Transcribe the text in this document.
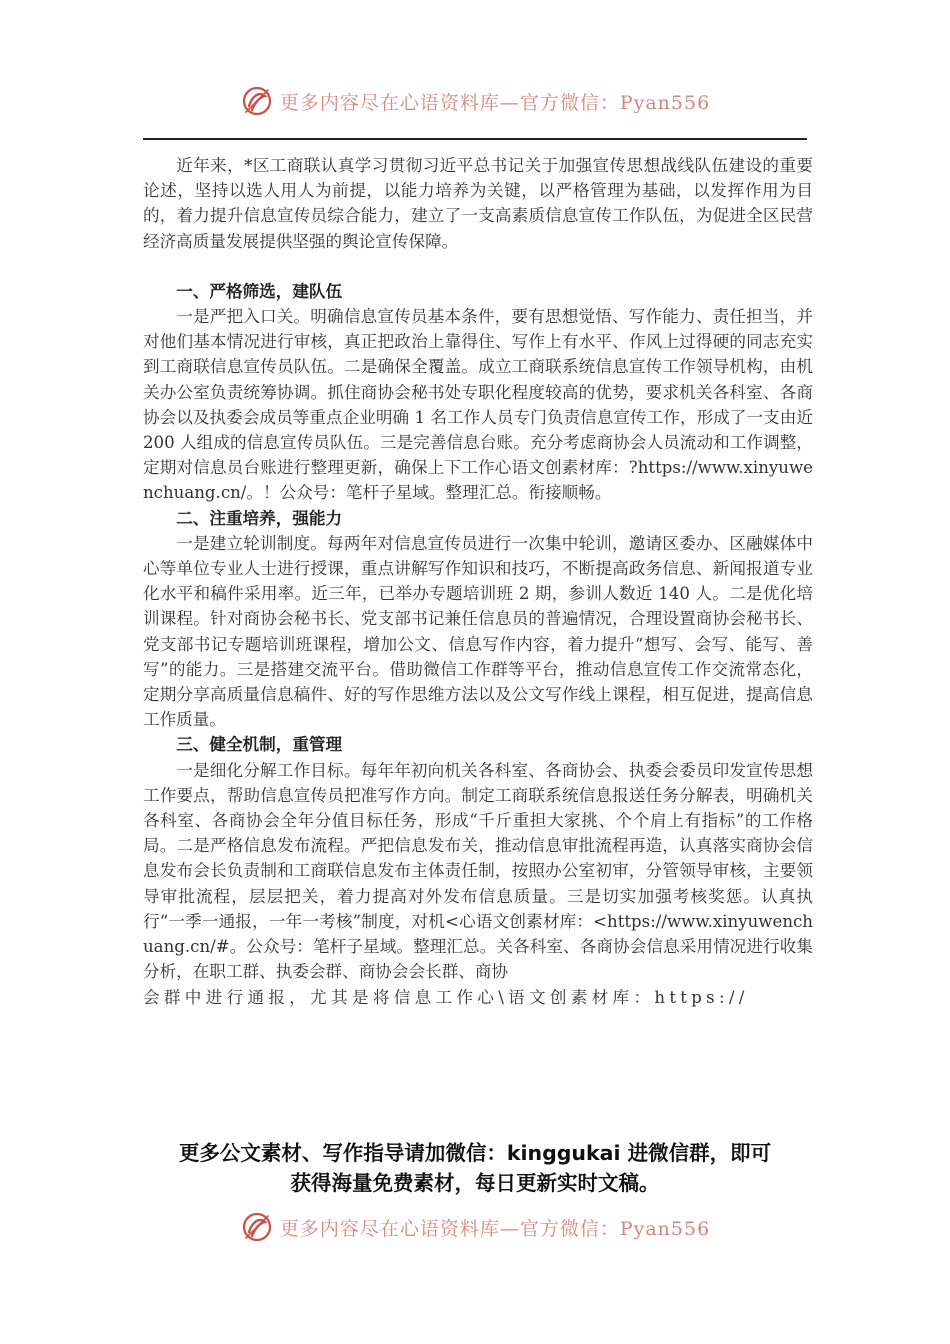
更多内容尽在心语资料库—官方微信：Pyan556

近年来，*区工商联认真学习贯彻习近平总书记关于加强宣传思想战线队伍建设的重要论述，坚持以选人用人为前提，以能力培养为关键，以严格管理为基础，以发挥作用为目的，着力提升信息宣传员综合能力，建立了一支高素质信息宣传工作队伍，为促进全区民营经济高质量发展提供坚强的舆论宣传保障。

一、严格筛选，建队伍

一是严把入口关。明确信息宣传员基本条件，要有思想觉悟、写作能力、责任担当，并对他们基本情况进行审核，真正把政治上靠得住、写作上有水平、作风上过得硬的同志充实到工商联信息宣传员队伍。二是确保全覆盖。成立工商联系统信息宣传工作领导机构，由机关办公室负责统筹协调。抓住商协会秘书处专职化程度较高的优势，要求机关各科室、各商协会以及执委会成员等重点企业明确 1 名工作人员专门负责信息宣传工作，形成了一支由近 200 人组成的信息宣传员队伍。三是完善信息台账。充分考虑商协会人员流动和工作调整，定期对信息员台账进行整理更新，确保上下工作心语文创素材库：?https://www.xinyuwenchuang.cn/。！公众号：笔杆子星域。整理汇总。衔接顺畅。

二、注重培养，强能力

一是建立轮训制度。每两年对信息宣传员进行一次集中轮训，邀请区委办、区融媒体中心等单位专业人士进行授课，重点讲解写作知识和技巧，不断提高政务信息、新闻报道专业化水平和稿件采用率。近三年，已举办专题培训班 2 期，参训人数近 140 人。二是优化培训课程。针对商协会秘书长、党支部书记兼任信息员的普遍情况，合理设置商协会秘书长、党支部书记专题培训班课程，增加公文、信息写作内容，着力提升“想写、会写、能写、善写”的能力。三是搭建交流平台。借助微信工作群等平台，推动信息宣传工作交流常态化，定期分享高质量信息稿件、好的写作思维方法以及公文写作线上课程，相互促进，提高信息工作质量。

三、健全机制，重管理

一是细化分解工作目标。每年年初向机关各科室、各商协会、执委会委员印发宣传思想工作要点，帮助信息宣传员把准写作方向。制定工商联系统信息报送任务分解表，明确机关各科室、各商协会全年分值目标任务，形成“千斤重担大家挑、个个肩上有指标”的工作格局。二是严格信息发布流程。严把信息发布关，推动信息审批流程再造，认真落实商协会信息发布会长负责制和工商联信息发布主体责任制，按照办公室初审，分管领导审核，主要领导审批流程，层层把关，着力提高对外发布信息质量。三是切实加强考核奖惩。认真执行“一季一通报，一年一考核”制度，对机<心语文创素材库：<https://www.xinyuwenchuang.cn/#。公众号：笔杆子星域。整理汇总。关各科室、各商协会信息采用情况进行收集分析，在职工群、执委会群、商协会会长群、商协

会群中进行通报，尤其是将信息工作心\语文创素材库：https://

更多公文素材、写作指导请加微信：kinggukai 进微信群，即可
获得海量免费素材，每日更新实时文稿。
更多内容尽在心语资料库—官方微信：Pyan556
